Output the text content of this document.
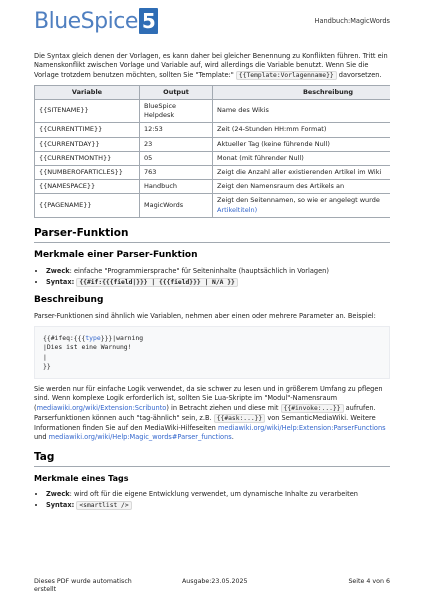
BlueSpice 5	Handbuch:MagicWords

Die Syntax gleich denen der Vorlagen, es kann daher bei gleicher Benennung zu Konflikten führen. Tritt ein Namenskonflikt zwischen Vorlage und Variable auf, wird allerdings die Variable benutzt. Wenn Sie die Vorlage trotzdem benutzen möchten, sollten Sie "Template:" {{Template:Vorlagenname}} davorsetzen.

Variable	Output	Beschreibung
{{SITENAME}}	BlueSpice Helpdesk	Name des Wikis
{{CURRENTTIME}}	12:53	Zeit (24-Stunden HH:mm Format)
{{CURRENTDAY}}	23	Aktueller Tag (keine führende Null)
{{CURRENTMONTH}}	05	Monat (mit führender Null)
{{NUMBEROFARTICLES}}	763	Zeigt die Anzahl aller existierenden Artikel im Wiki
{{NAMESPACE}}	Handbuch	Zeigt den Namensraum des Artikels an
{{PAGENAME}}	MagicWords	Zeigt den Seitennamen, so wie er angelegt wurde
Artikeltiteln)
Parser-Funktion
Merkmale einer Parser-Funktion
• Zweck: einfache "Programmiersprache" für Seiteninhalte (hauptsächlich in Vorlagen)
• Syntax: {{#if:{{{field|}}} | {{{field}}} | N/A }}
Beschreibung

Parser-Funktionen sind ähnlich wie Variablen, nehmen aber einen oder mehrere Parameter an. Beispiel:

{{#ifeq:{{{type}}}|warning
|Dies ist eine Warnung!
|
}}

Sie werden nur für einfache Logik verwendet, da sie schwer zu lesen und in größerem Umfang zu pflegen sind. Wenn komplexe Logik erforderlich ist, sollten Sie Lua-Skripte im "Modul"-Namensraum (mediawiki.org/wiki/Extension:Scribunto) in Betracht ziehen und diese mit {{#invoke:...}} aufrufen.
Parserfunktionen können auch "tag-ähnlich" sein, z.B. {{#ask:...}} von SemanticMediaWiki. Weitere Informationen finden Sie auf den MediaWiki-Hilfeseiten mediawiki.org/wiki/Help:Extension:ParserFunctions und mediawiki.org/wiki/Help:Magic_words#Parser_functions.

Tag
Merkmale eines Tags
• Zweck: wird oft für die eigene Entwicklung verwendet, um dynamische Inhalte zu verarbeiten
• Syntax: <smartlist />
Dieses PDF wurde automatisch erstellt
Ausgabe:23.05.2025	Seite 4 von 6
